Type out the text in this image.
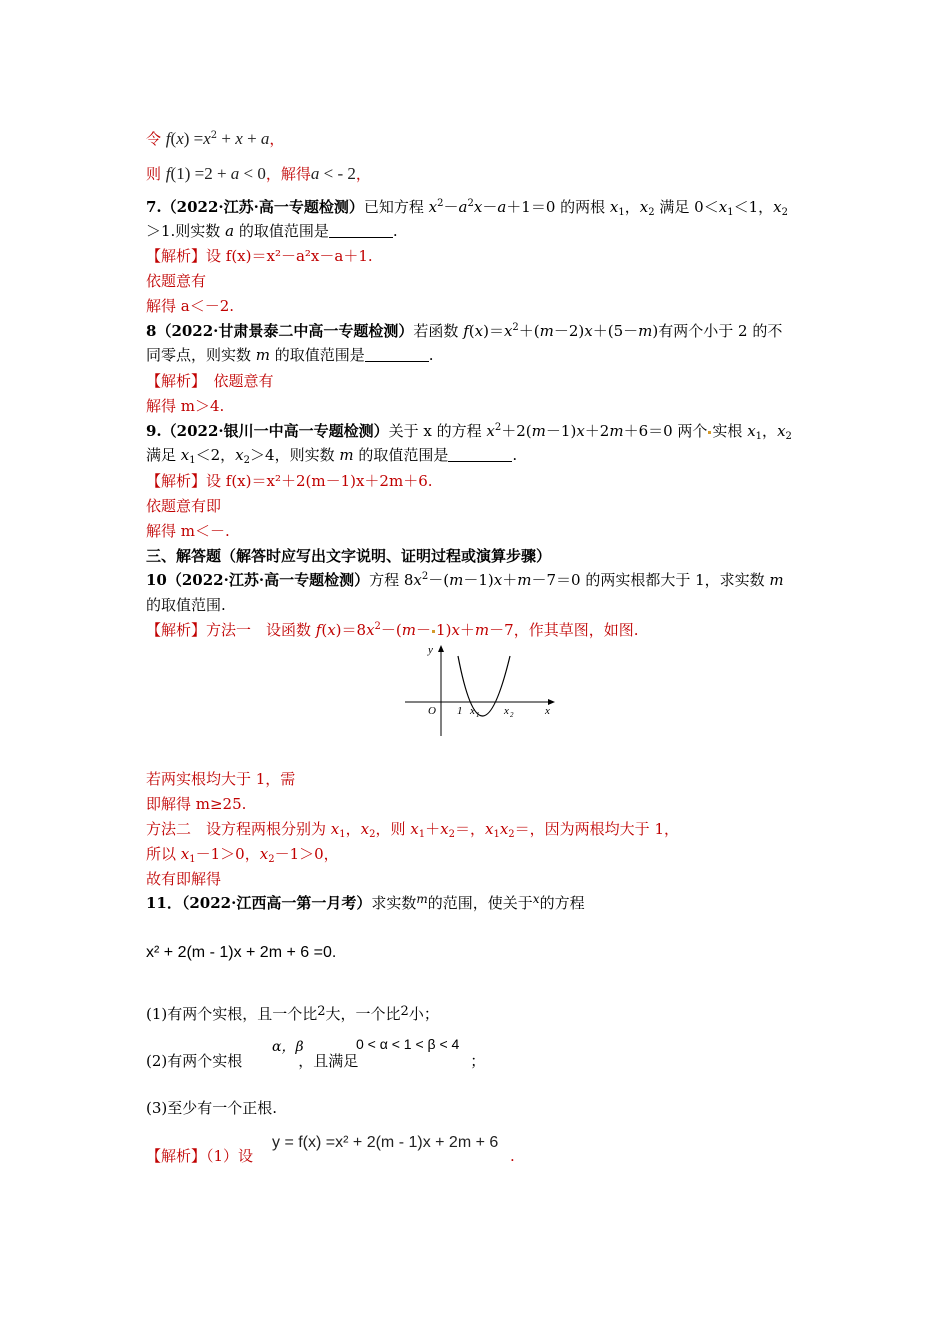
令 $f(x) =x^2 + x + a$，
则 f(1) =2 + a < 0，解得a < - 2，
7.（2022·江苏·高一专题检测）已知方程 $x^2-a^2x-a+1=0$ 的两根 $x_1$，$x_2$ 满足 $0<x_1<1$，$x_2$
＞1.则实数 a 的取值范围是	.
【解析】设 f(x)＝x²－a²x－a＋1.
依题意有
解得 a＜－2.
8（2022·甘肃景泰二中高一专题检测）若函数 $f(x)=x^2+(m-2)x+(5-m)$有两个小于 2 的不
同零点，则实数 m 的取值范围是	.
【解析】　依题意有
解得 m＞4.
9.（2022·银川一中高一专题检测）关于 x 的方程 $x^2+2(m-1)x+2m+6=0$ 两个 实根 $x_1$，$x_2$
满足 $x_1<2$，$x_2>4$，则实数 m 的取值范围是	.
【解析】设 f(x)＝x²＋2(m－1)x＋2m＋6.
依题意有即
解得 m＜－.
三、解答题（解答时应写出文字说明、证明过程或演算步骤）
10（2022·江苏·高一专题检测）方程 $8x^2-(m-1)x+m-7=0$ 的两实根都大于 1，求实数 m
的取值范围.
【解析】方法一　设函数 $f(x)=8x^2-(m- 1)x+m-7$，作其草图，如图.
y
x
O 1 x 1 x 2
若两实根均大于 1，需
即解得 m≥25.
方法二　设方程两根分别为 $x_1$，$x_2$，则 $x_1+x_2=$，$x_1x_2=$，因为两根均大于 1，
所以 $x_1-1>0$，$x_2-1>0$，
故有即解得
11．（2022·江西高一第一月考）求实数$^m$的范围，使关于$^x$的方程
x² + 2(m - 1)x + 2m + 6 =0.
(1)有两个实根，且一个比$^2$大，一个比$^2$小；
α，β	0 < α < 1 < β < 4
(2)有两个实根	，且满足	；
(3)至少有一个正根.
【解析】（1）设
y = f(x) =x² + 2(m - 1)x + 2m + 6
.
